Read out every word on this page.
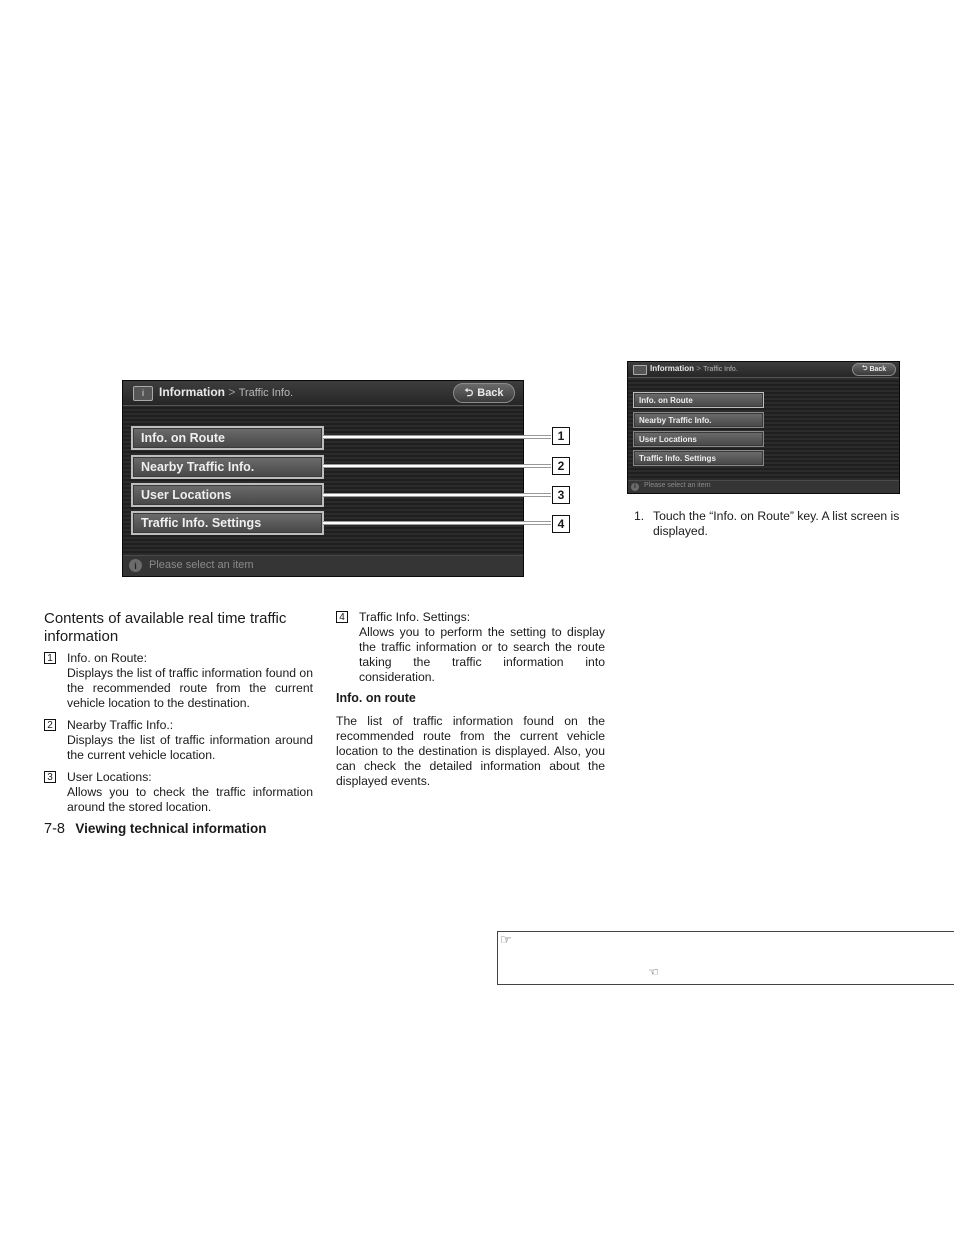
i	Information > Traffic Info.	⮌ Back
Info. on Route
Nearby Traffic Info.
User Locations
Traffic Info. Settings
i	Please select an item
1
2
3
4
Information > Traffic Info.	⮌ Back
Info. on Route
Nearby Traffic Info.
User Locations
Traffic Info. Settings
i	Please select an item
1. Touch the “Info. on Route” key. A list screen is displayed.
Contents of available real time traffic information
1	Info. on Route:
Displays the list of traffic information found on the recommended route from the current vehicle location to the destination.
2	Nearby Traffic Info.:
Displays the list of traffic information around the current vehicle location.
3	User Locations:
Allows you to check the traffic information around the stored location.
4	Traffic Info. Settings:
Allows you to perform the setting to display the traffic information or to search the route taking the traffic information into consideration.
Info. on route
The list of traffic information found on the recommended route from the current vehicle location to the destination is displayed. Also, you can check the detailed information about the displayed events.
7-8 Viewing technical information
☞
☜
